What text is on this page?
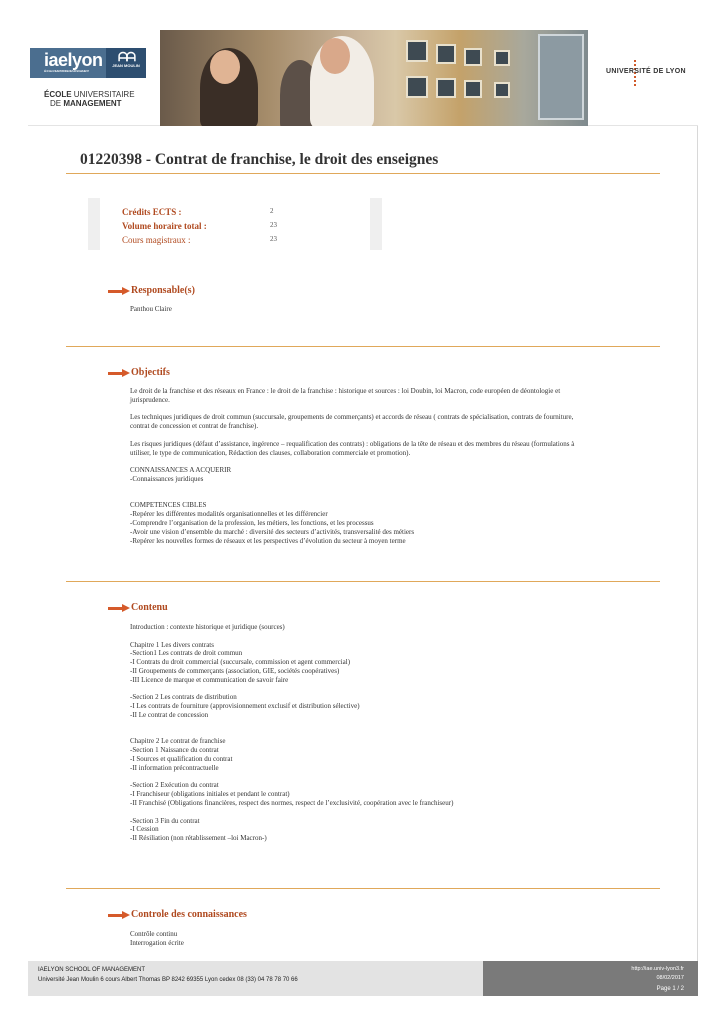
iaelyon
ÉCOLE UNIVERSITAIRE DE MANAGEMENT
ᗩᗩ
JEAN MOULIN
ÉCOLE UNIVERSITAIRE
DE MANAGEMENT
UNIVERSITÉ DE LYON
01220398 - Contrat de franchise, le droit des enseignes
Crédits ECTS :	2
Volume horaire total :	23
Cours magistraux :	23
Responsable(s)

Panthou Claire

Objectifs

Le droit de la franchise et des réseaux en France : le droit de la franchise : historique et sources : loi Doubin, loi Macron, code européen de déontologie et

jurisprudence.

Les techniques juridiques de droit commun (succursale, groupements de commerçants) et accords de réseau ( contrats de spécialisation, contrats de fourniture,

contrat de concession et contrat de franchise).

Les risques juridiques (défaut d’assistance, ingérence – requalification des contrats) : obligations de la tête de réseau et des membres du réseau (formulations à

utiliser, le type de communication, Rédaction des clauses, collaboration commerciale et promotion).

CONNAISSANCES A ACQUERIR

-Connaissances juridiques

COMPETENCES CIBLES

-Repérer les différentes modalités organisationnelles et les différencier

-Comprendre l’organisation de la profession, les métiers, les fonctions, et les processus

-Avoir une vision d’ensemble du marché : diversité des secteurs d’activités, transversalité des métiers

-Repérer les nouvelles formes de réseaux et les perspectives d’évolution du secteur à moyen terme

Contenu

Introduction : contexte historique et juridique (sources)

Chapitre 1 Les divers contrats

-Section1 Les contrats de droit commun

-I Contrats du droit commercial (succursale, commission et agent commercial)

-II Groupements de commerçants (association, GIE, sociétés coopératives)

-III Licence de marque et communication de savoir faire

-Section 2 Les contrats de distribution

-I Les contrats de fourniture (approvisionnement exclusif et distribution sélective)

-II Le contrat de concession

Chapitre 2 Le contrat de franchise

-Section 1 Naissance du contrat

-I Sources et qualification du contrat

-II information précontractuelle

-Section 2 Exécution du contrat

-I Franchiseur (obligations initiales et pendant le contrat)

-II Franchisé (Obligations financières, respect des normes, respect de l’exclusivité, coopération avec le franchiseur)

-Section 3 Fin du contrat

-I Cession

-II Résiliation (non rétablissement –loi Macron-)

Controle des connaissances

Contrôle continu

Interrogation écrite

IAELYON SCHOOL OF MANAGEMENT
Université Jean Moulin 6 cours Albert Thomas BP 8242 69355 Lyon cedex 08 (33) 04 78 78 70 66
http://iae.univ-lyon3.fr
08/02/2017
Page 1 / 2
